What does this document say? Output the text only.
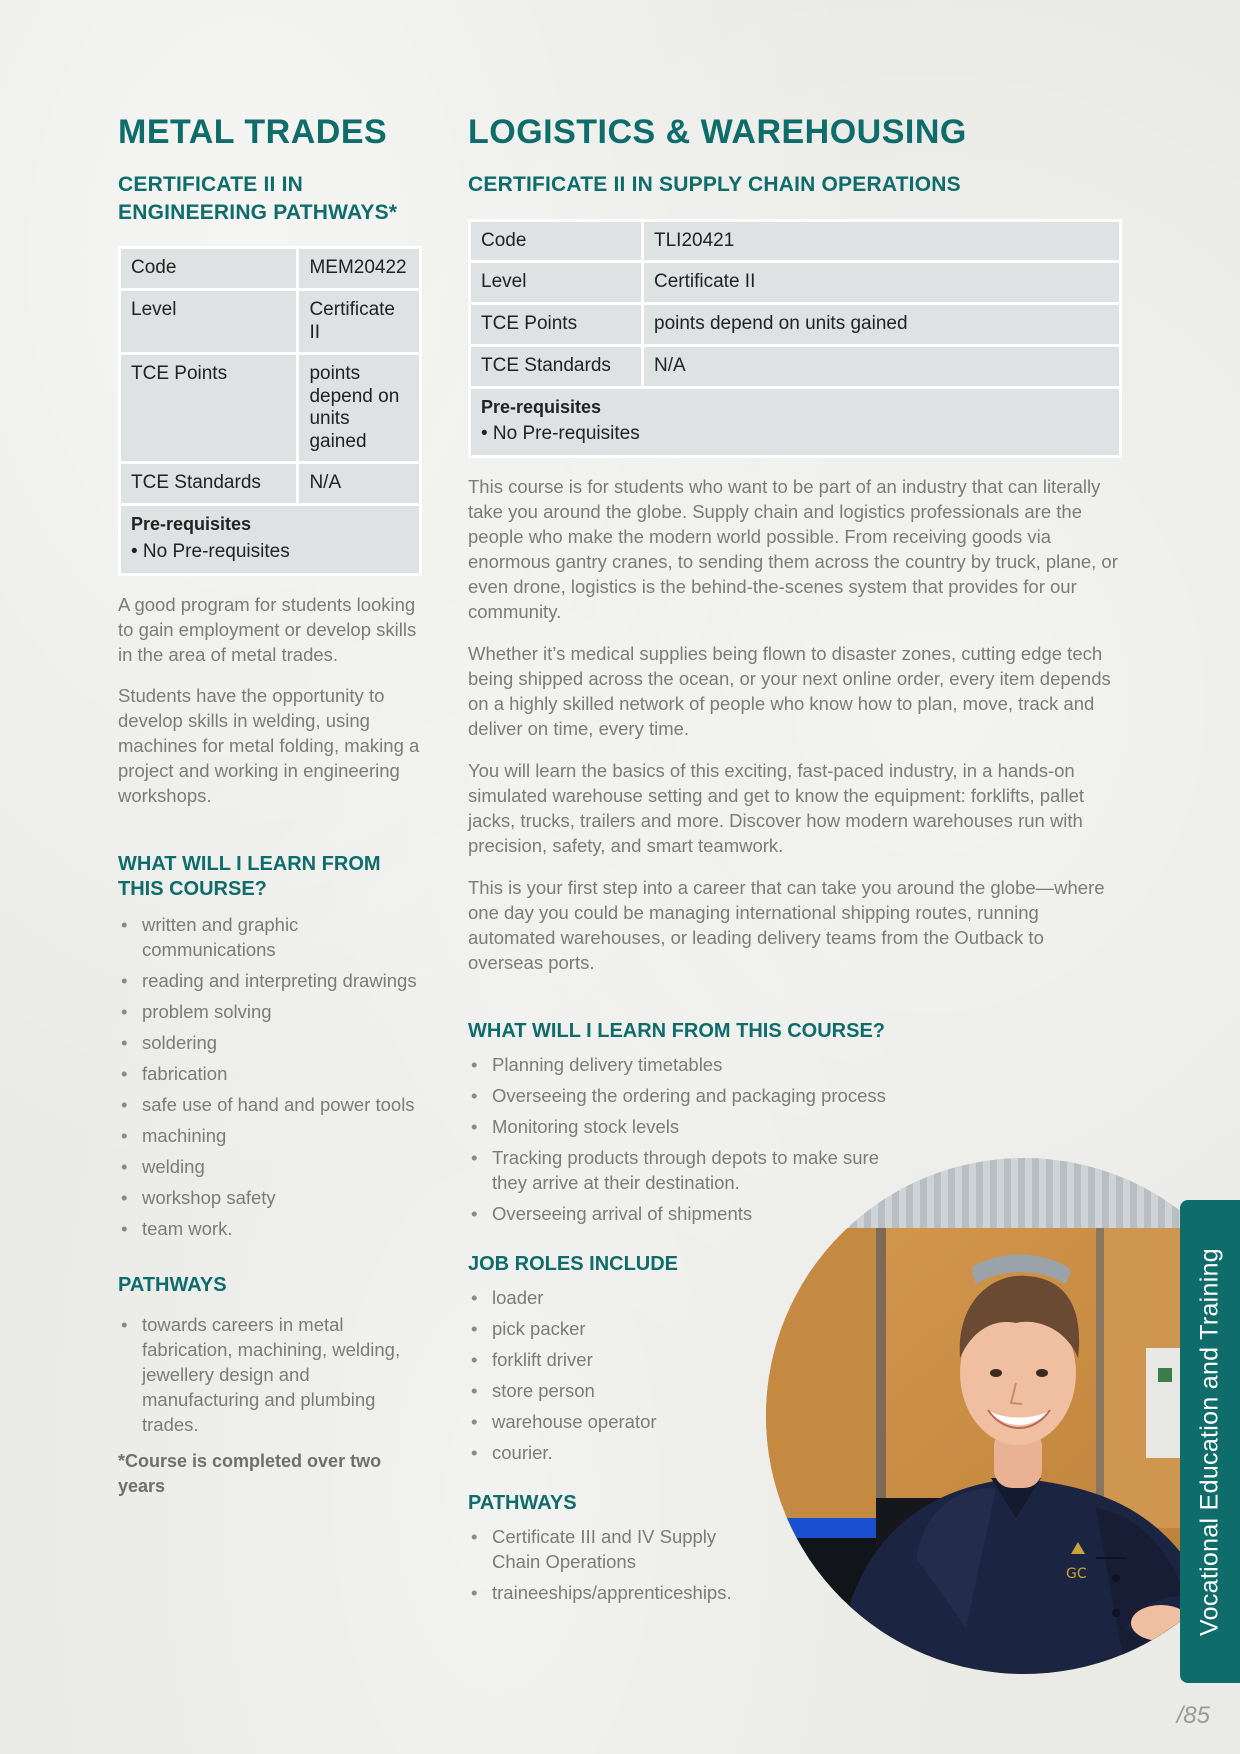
METAL TRADES
CERTIFICATE II IN ENGINEERING PATHWAYS*
Code	MEM20422
Level	Certificate II
TCE Points	points depend on units gained
TCE Standards	N/A

Pre-requisites
• No Pre-requisites	

A good program for students looking to gain employment or develop skills in the area of metal trades.

Students have the opportunity to develop skills in welding, using machines for metal folding, making a project and working in engineering workshops.

WHAT WILL I LEARN FROM THIS COURSE?
• written and graphic communications
• reading and interpreting drawings
• problem solving
• soldering
• fabrication
• safe use of hand and power tools
• machining
• welding
• workshop safety
• team work.
PATHWAYS
• towards careers in metal fabrication, machining, welding, jewellery design and manufacturing and plumbing trades.
*Course is completed over two years
LOGISTICS & WAREHOUSING
CERTIFICATE II IN SUPPLY CHAIN OPERATIONS
Code	TLI20421
Level	Certificate II
TCE Points	points depend on units gained
TCE Standards	N/A

Pre-requisites
• No Pre-requisites	

This course is for students who want to be part of an industry that can literally take you around the globe. Supply chain and logistics professionals are the people who make the modern world possible. From receiving goods via enormous gantry cranes, to sending them across the country by truck, plane, or even drone, logistics is the behind-the-scenes system that provides for our community.

Whether it’s medical supplies being flown to disaster zones, cutting edge tech being shipped across the ocean, or your next online order, every item depends on a highly skilled network of people who know how to plan, move, track and deliver on time, every time.

You will learn the basics of this exciting, fast-paced industry, in a hands-on simulated warehouse setting and get to know the equipment: forklifts, pallet jacks, trucks, trailers and more. Discover how modern warehouses run with precision, safety, and smart teamwork.

This is your first step into a career that can take you around the globe—where one day you could be managing international shipping routes, running automated warehouses, or leading delivery teams from the Outback to overseas ports.

WHAT WILL I LEARN FROM THIS COURSE?
• Planning delivery timetables
• Overseeing the ordering and packaging process
• Monitoring stock levels
• Tracking products through depots to make sure they arrive at their destination.
• Overseeing arrival of shipments
JOB ROLES INCLUDE
• loader
• pick packer
• forklift driver
• store person
• warehouse operator
• courier.
PATHWAYS
• Certificate III and IV Supply Chain Operations
• traineeships/apprenticeships.
GC	Vocational Education and Training
/85
